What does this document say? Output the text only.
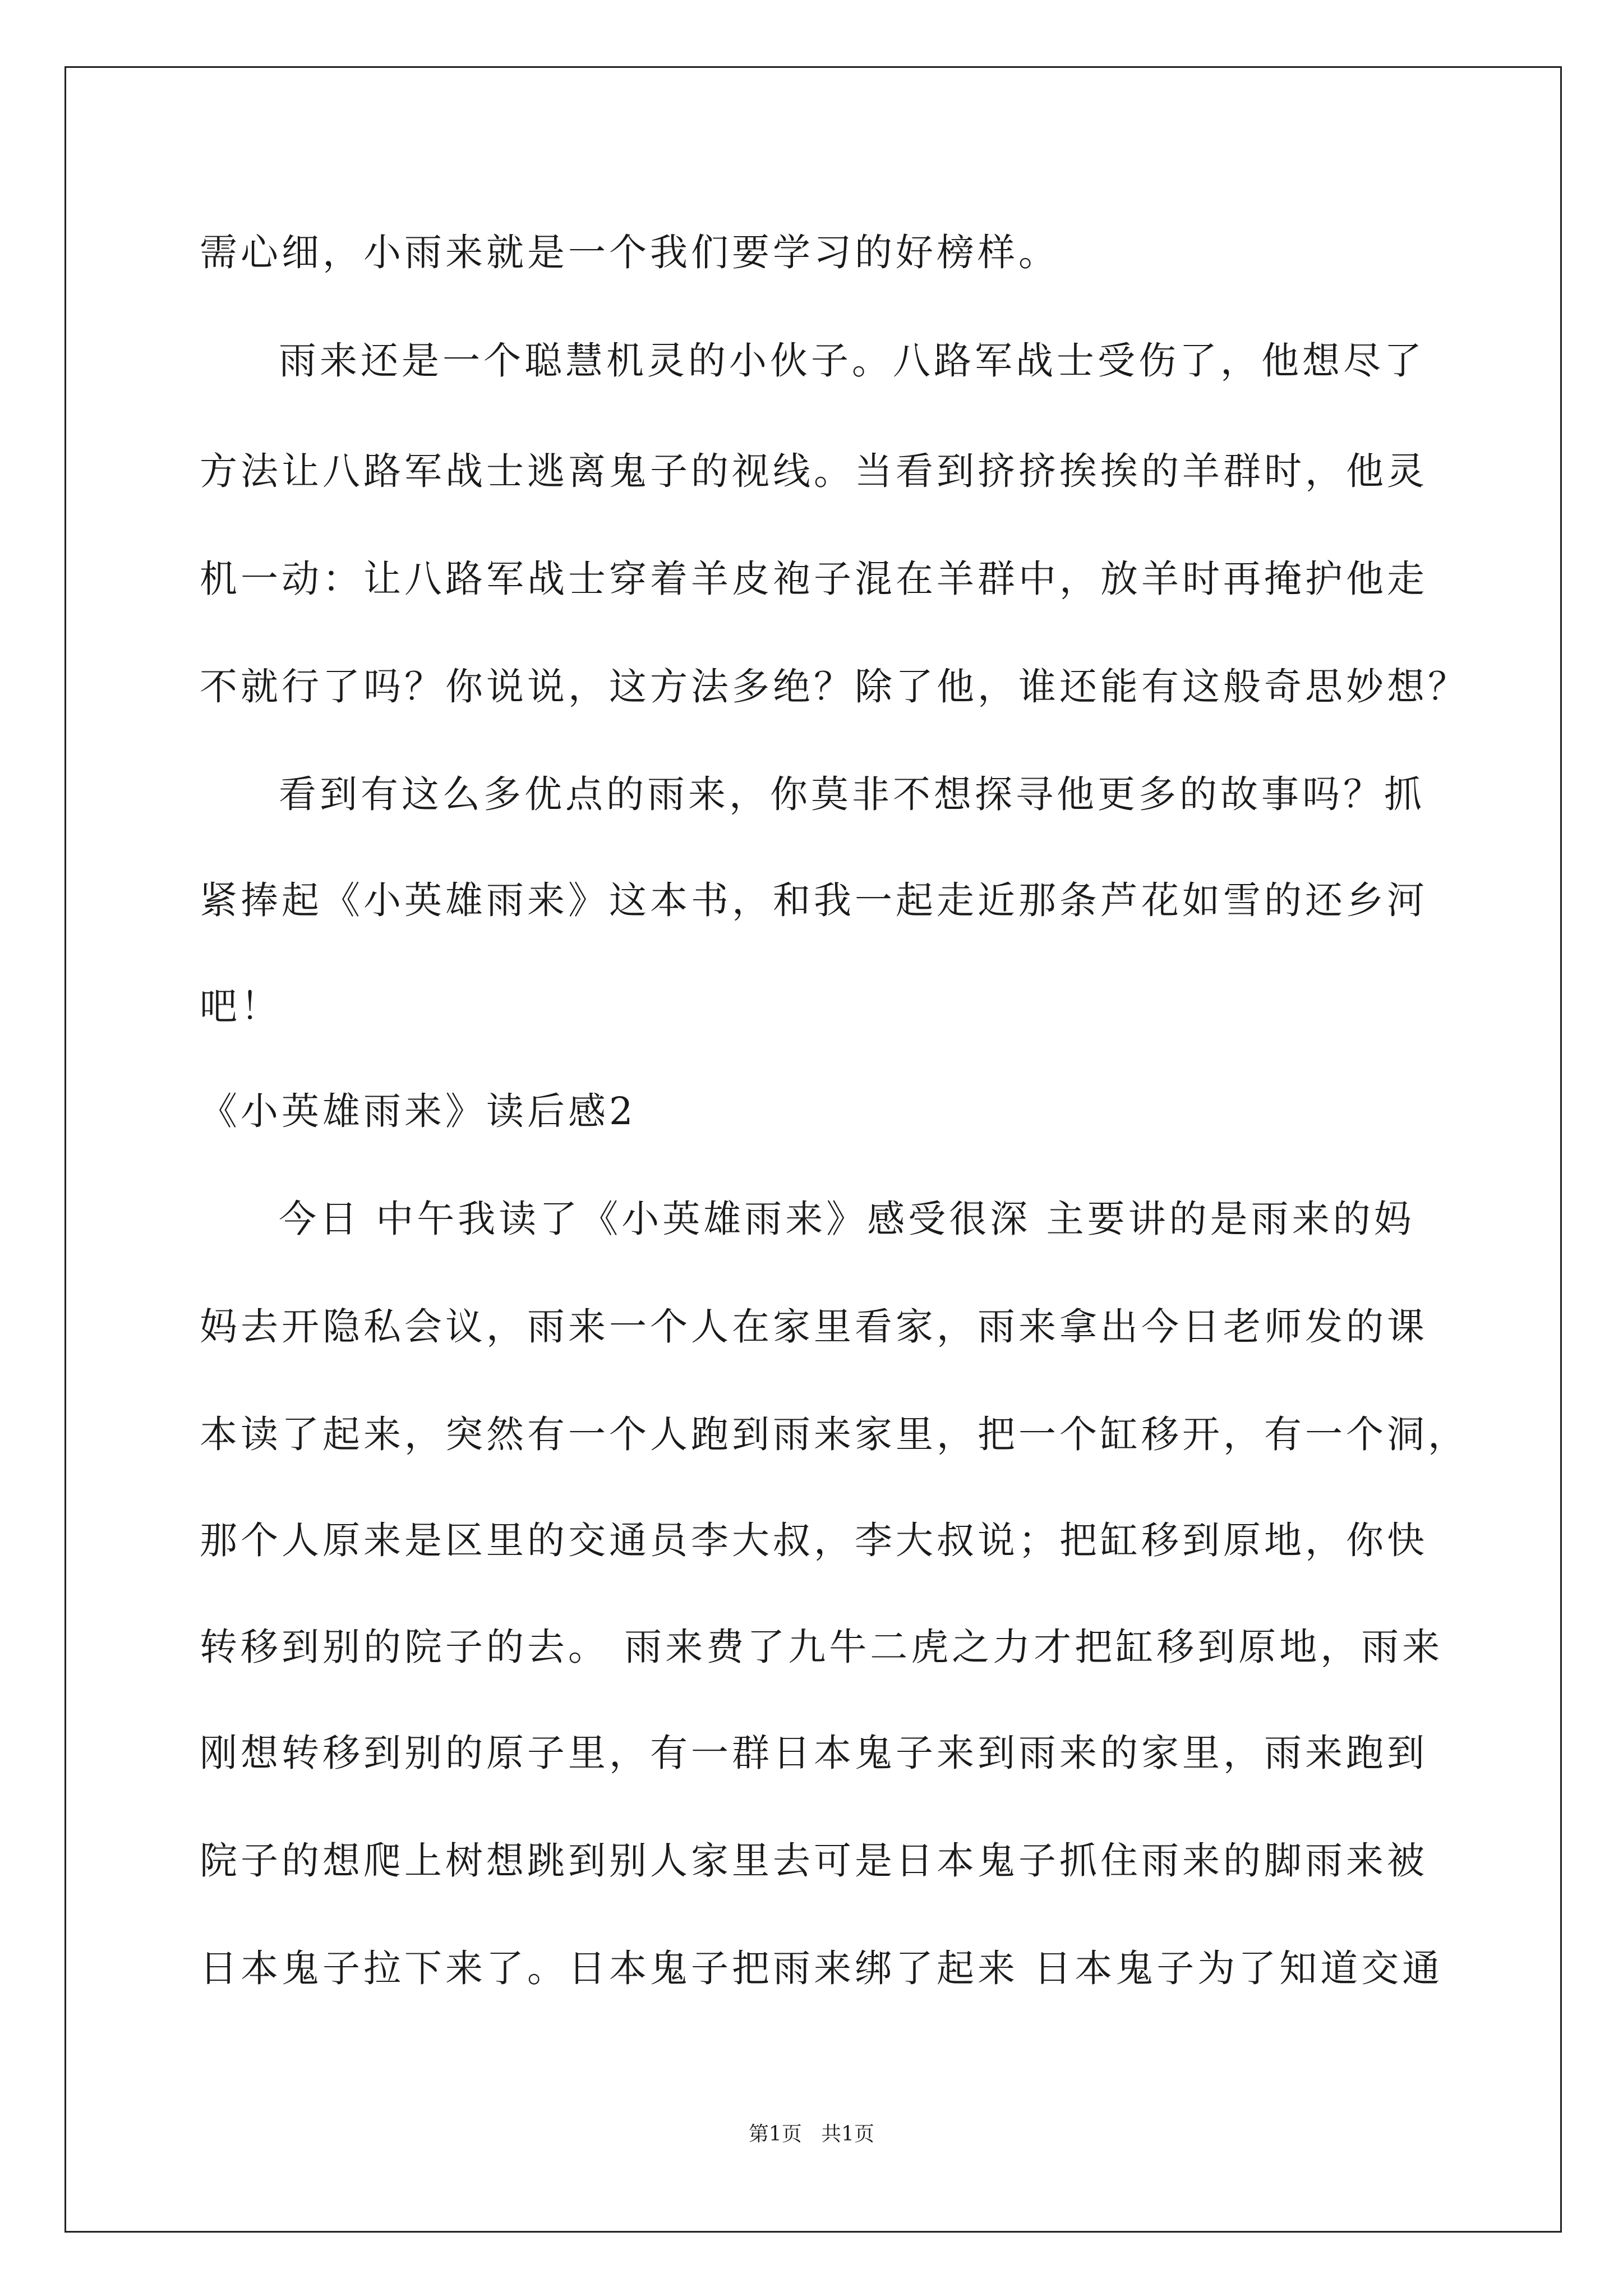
需心细，小雨来就是一个我们要学习的好榜样。
雨来还是一个聪慧机灵的小伙子。八路军战士受伤了，他想尽了
方法让八路军战士逃离鬼子的视线。当看到挤挤挨挨的羊群时，他灵
机一动：让八路军战士穿着羊皮袍子混在羊群中，放羊时再掩护他走
不就行了吗？你说说，这方法多绝？除了他，谁还能有这般奇思妙想？
看到有这么多优点的雨来，你莫非不想探寻他更多的故事吗？抓
紧捧起《小英雄雨来》这本书，和我一起走近那条芦花如雪的还乡河
吧！
《小英雄雨来》读后感2
今日 中午我读了《小英雄雨来》感受很深 主要讲的是雨来的妈
妈去开隐私会议，雨来一个人在家里看家，雨来拿出今日老师发的课
本读了起来，突然有一个人跑到雨来家里，把一个缸移开，有一个洞，
那个人原来是区里的交通员李大叔，李大叔说；把缸移到原地，你快
转移到别的院子的去。 雨来费了九牛二虎之力才把缸移到原地，雨来
刚想转移到别的原子里，有一群日本鬼子来到雨来的家里，雨来跑到
院子的想爬上树想跳到别人家里去可是日本鬼子抓住雨来的脚雨来被
日本鬼子拉下来了。日本鬼子把雨来绑了起来 日本鬼子为了知道交通
第1页   共1页
